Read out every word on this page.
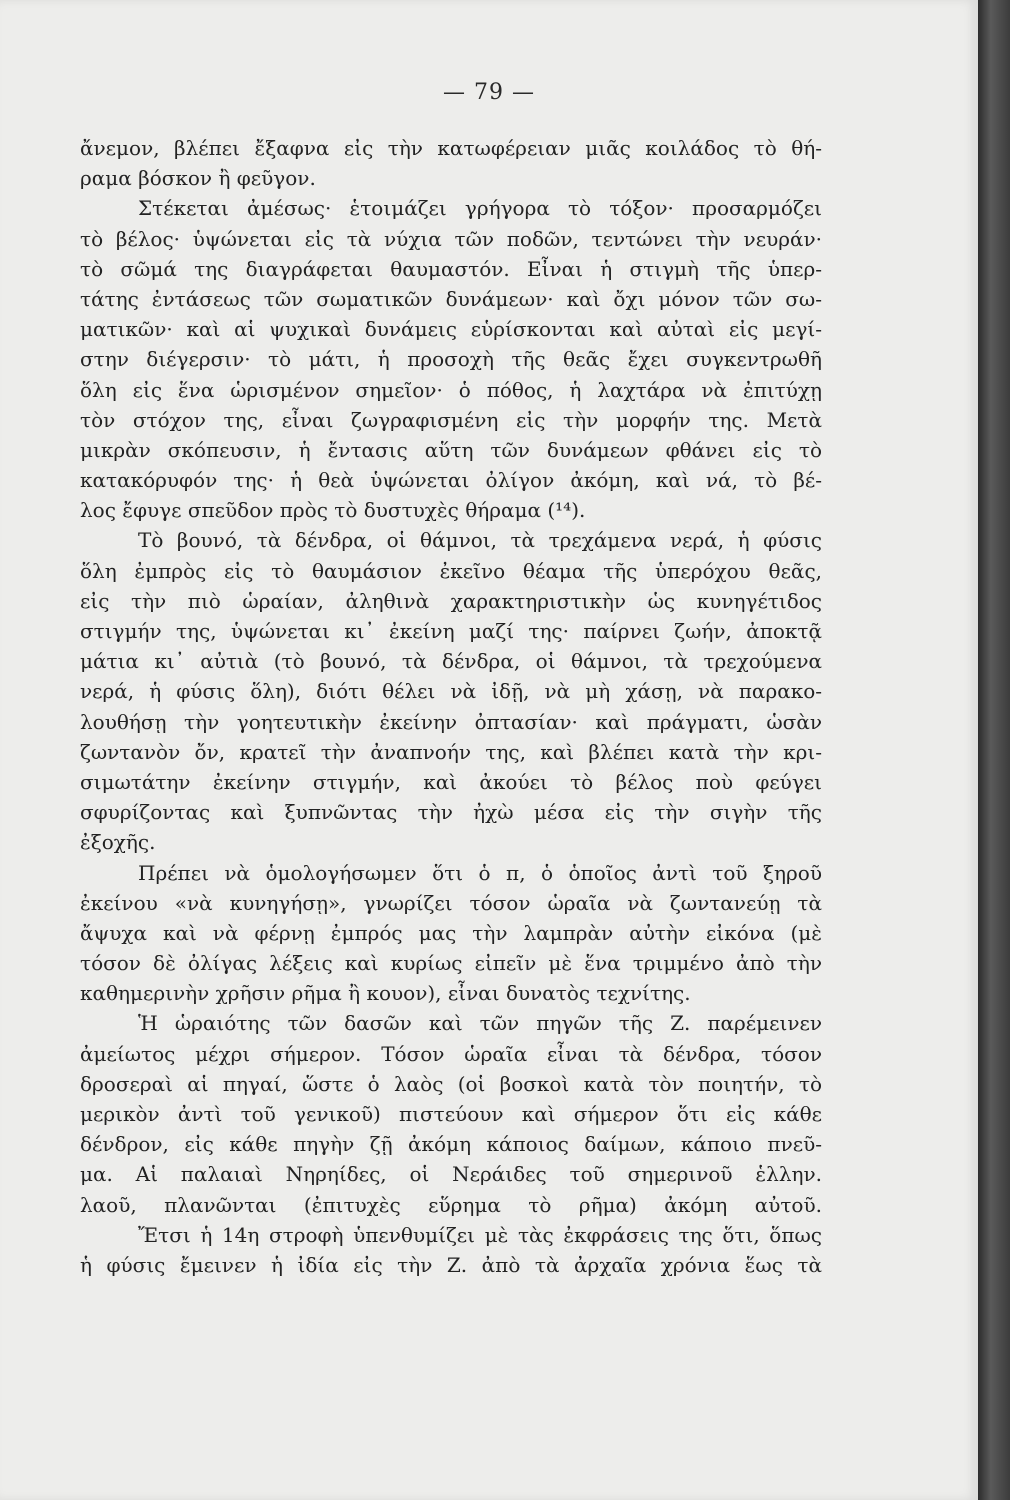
— 79 —
ἄνεμον, βλέπει ἔξαφνα εἰς τὴν κατωφέρειαν μιᾶς κοιλάδος τὸ θή-
ραμα βόσκον ἢ φεῦγον.
Στέκεται ἀμέσως· ἑτοιμάζει γρήγορα τὸ τόξον· προσαρμόζει
τὸ βέλος· ὑψώνεται εἰς τὰ νύχια τῶν ποδῶν, τεντώνει τὴν νευράν·
τὸ σῶμά της διαγράφεται θαυμαστόν. Εἶναι ἡ στιγμὴ τῆς ὑπερ-
τάτης ἐντάσεως τῶν σωματικῶν δυνάμεων· καὶ ὄχι μόνον τῶν σω-
ματικῶν· καὶ αἱ ψυχικαὶ δυνάμεις εὑρίσκονται καὶ αὐταὶ εἰς μεγί-
στην διέγερσιν· τὸ μάτι, ἡ προσοχὴ τῆς θεᾶς ἔχει συγκεντρωθῆ
ὅλη εἰς ἕνα ὡρισμένον σημεῖον· ὁ πόθος, ἡ λαχτάρα νὰ ἐπιτύχῃ
τὸν στόχον της, εἶναι ζωγραφισμένη εἰς τὴν μορφήν της. Μετὰ
μικρὰν σκόπευσιν, ἡ ἔντασις αὕτη τῶν δυνάμεων φθάνει εἰς τὸ
κατακόρυφόν της· ἡ θεὰ ὑψώνεται ὀλίγον ἀκόμη, καὶ νά, τὸ βέ-
λος ἔφυγε σπεῦδον πρὸς τὸ δυστυχὲς θήραμα (¹⁴).
Τὸ βουνό, τὰ δένδρα, οἱ θάμνοι, τὰ τρεχάμενα νερά, ἡ φύσις
ὅλη ἐμπρὸς εἰς τὸ θαυμάσιον ἐκεῖνο θέαμα τῆς ὑπερόχου θεᾶς,
εἰς τὴν πιὸ ὡραίαν, ἀληθινὰ χαρακτηριστικὴν ὡς κυνηγέτιδος
στιγμήν της, ὑψώνεται κι᾿ ἐκείνη μαζί της· παίρνει ζωήν, ἀποκτᾷ
μάτια κι᾿ αὐτιὰ (τὸ βουνό, τὰ δένδρα, οἱ θάμνοι, τὰ τρεχούμενα
νερά, ἡ φύσις ὅλη), διότι θέλει νὰ ἰδῇ, νὰ μὴ χάσῃ, νὰ παρακο-
λουθήσῃ τὴν γοητευτικὴν ἐκείνην ὀπτασίαν· καὶ πράγματι, ὡσὰν
ζωντανὸν ὄν, κρατεῖ τὴν ἀναπνοήν της, καὶ βλέπει κατὰ τὴν κρι-
σιμωτάτην ἐκείνην στιγμήν, καὶ ἀκούει τὸ βέλος ποὺ φεύγει
σφυρίζοντας καὶ ξυπνῶντας τὴν ἠχὼ μέσα εἰς τὴν σιγὴν τῆς
ἐξοχῆς.
Πρέπει νὰ ὁμολογήσωμεν ὅτι ὁ π, ὁ ὁποῖος ἀντὶ τοῦ ξηροῦ
ἐκείνου «νὰ κυνηγήσῃ», γνωρίζει τόσον ὡραῖα νὰ ζωντανεύῃ τὰ
ἄψυχα καὶ νὰ φέρνῃ ἐμπρός μας τὴν λαμπρὰν αὐτὴν εἰκόνα (μὲ
τόσον δὲ ὀλίγας λέξεις καὶ κυρίως εἰπεῖν μὲ ἕνα τριμμένο ἀπὸ τὴν
καθημερινὴν χρῆσιν ρῆμα ἢ κουον), εἶναι δυνατὸς τεχνίτης.
Ἡ ὡραιότης τῶν δασῶν καὶ τῶν πηγῶν τῆς Ζ. παρέμεινεν
ἀμείωτος μέχρι σήμερον. Τόσον ὡραῖα εἶναι τὰ δένδρα, τόσον
δροσεραὶ αἱ πηγαί, ὥστε ὁ λαὸς (οἱ βοσκοὶ κατὰ τὸν ποιητήν, τὸ
μερικὸν ἀντὶ τοῦ γενικοῦ) πιστεύουν καὶ σήμερον ὅτι εἰς κάθε
δένδρον, εἰς κάθε πηγὴν ζῇ ἀκόμη κάποιος δαίμων, κάποιο πνεῦ-
μα. Αἱ παλαιαὶ Νηρηίδες, οἱ Νεράιδες τοῦ σημερινοῦ ἑλλην.
λαοῦ, πλανῶνται (ἐπιτυχὲς εὕρημα τὸ ρῆμα) ἀκόμη αὐτοῦ.
Ἔτσι ἡ 14η στροφὴ ὑπενθυμίζει μὲ τὰς ἐκφράσεις της ὅτι, ὅπως
ἡ φύσις ἔμεινεν ἡ ἰδία εἰς τὴν Ζ. ἀπὸ τὰ ἀρχαῖα χρόνια ἕως τὰ
